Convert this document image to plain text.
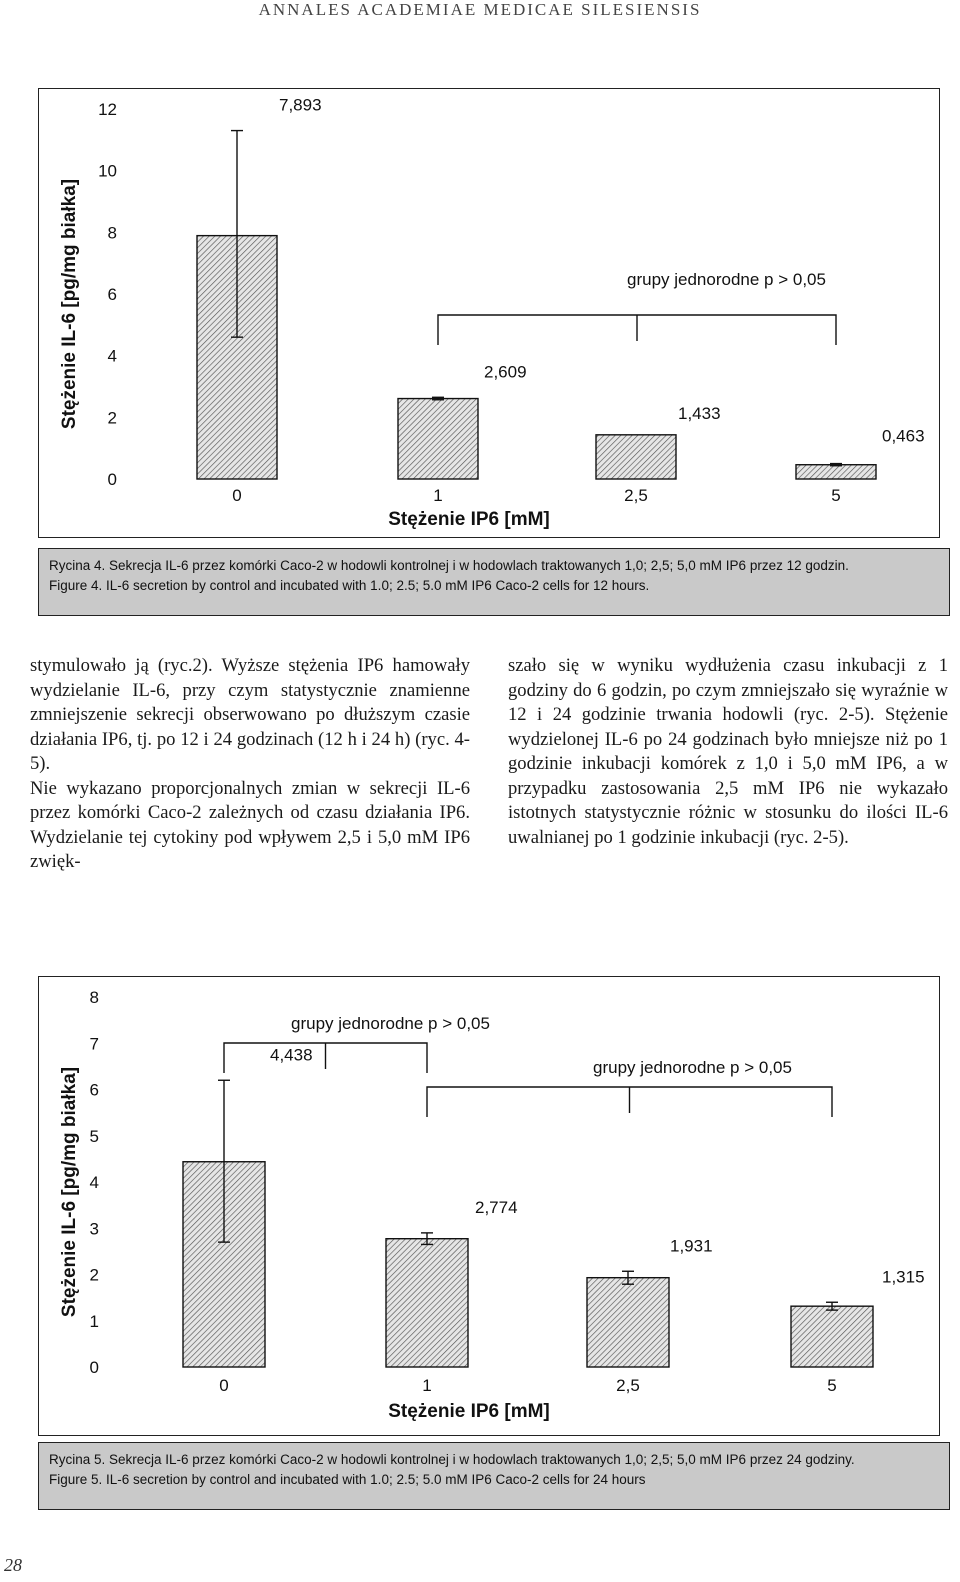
ANNALES ACADEMIAE MEDICAE SILESIENSIS
0
2
4
6
8
10
12
Stężenie IL-6 [pg/mg białka]
7,893
0
2,609
1
1,433
2,5
0,463
5
Stężenie IP6 [mM]
grupy jednorodne p > 0,05
Rycina 4. Sekrecja IL-6 przez komórki Caco-2 w hodowli kontrolnej i w hodowlach traktowanych 1,0; 2,5; 5,0 mM IP6 przez 12 godzin.
Figure 4. IL-6 secretion by control and incubated with 1.0; 2.5; 5.0 mM IP6 Caco-2 cells for 12 hours.

stymulowało ją (ryc.2). Wyższe stężenia IP6 hamowały wydzielanie IL-6, przy czym statystycznie znamienne zmniejszenie sekrecji obserwowano po dłuższym czasie działania IP6, tj. po 12 i 24 godzinach (12 h i 24 h) (ryc. 4-5).

Nie wykazano proporcjonalnych zmian w sekrecji IL-6 przez komórki Caco-2 zależnych od czasu działania IP6. Wydzielanie tej cytokiny pod wpływem 2,5 i 5,0 mM IP6 zwięk-

szało się w wyniku wydłużenia czasu inkubacji z 1 godziny do 6 godzin, po czym zmniejszało się wyraźnie w 12 i 24 godzinie trwania hodowli (ryc. 2-5). Stężenie wydzielonej IL-6 po 24 godzinach było mniejsze niż po 1 godzinie inkubacji komórek z 1,0 i 5,0 mM IP6, a w przypadku zastosowania 2,5 mM IP6 nie wykazało istotnych statystycznie różnic w stosunku do ilości IL-6 uwalnianej po 1 godzinie inkubacji (ryc. 2-5).

0
1
2
3
4
5
6
7
8
Stężenie IL-6 [pg/mg białka]
4,438
0
2,774
1
1,931
2,5
1,315
5
Stężenie IP6 [mM]
grupy jednorodne p > 0,05
grupy jednorodne p > 0,05
Rycina 5. Sekrecja IL-6 przez komórki Caco-2 w hodowli kontrolnej i w hodowlach traktowanych 1,0; 2,5; 5,0 mM IP6 przez 24 godziny.
Figure 5. IL-6 secretion by control and incubated with 1.0; 2.5; 5.0 mM IP6 Caco-2 cells for 24 hours
28
